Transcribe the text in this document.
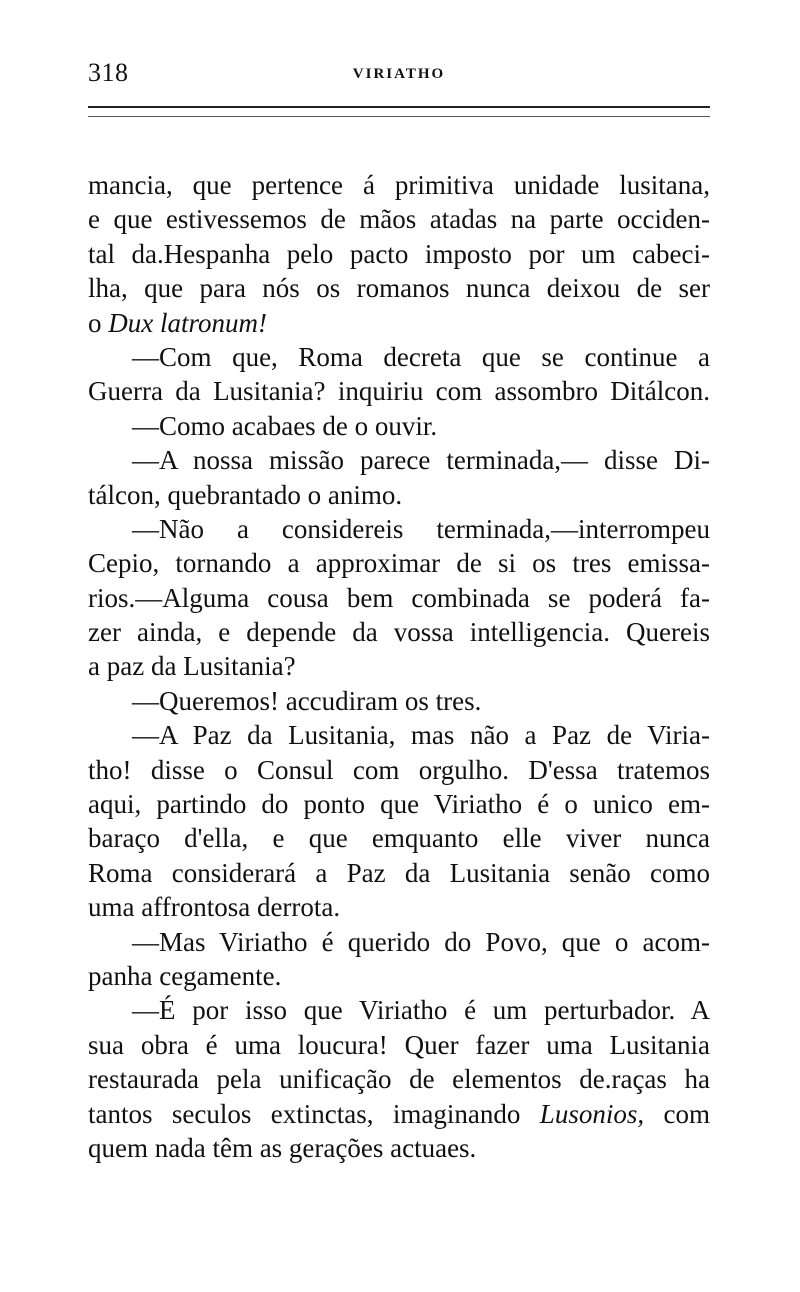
318	VIRIATHO
mancia, que pertence á primitiva unidade lusitana,
e que estivessemos de mãos atadas na parte occiden-
tal da.Hespanha pelo pacto imposto por um cabeci-
lha, que para nós os romanos nunca deixou de ser
o Dux latronum!
—Com que, Roma decreta que se continue a
Guerra da Lusitania? inquiriu com assombro Ditálcon.
—Como acabaes de o ouvir.
—A nossa missão parece terminada,— disse Di-
tálcon, quebrantado o animo.
—Não a considereis terminada,—interrompeu
Cepio, tornando a approximar de si os tres emissa-
rios.—Alguma cousa bem combinada se poderá fa-
zer ainda, e depende da vossa intelligencia. Quereis
a paz da Lusitania?
—Queremos! accudiram os tres.
—A Paz da Lusitania, mas não a Paz de Viria-
tho! disse o Consul com orgulho. D'essa tratemos
aqui, partindo do ponto que Viriatho é o unico em-
baraço d'ella, e que emquanto elle viver nunca
Roma considerará a Paz da Lusitania senão como
uma affrontosa derrota.
—Mas Viriatho é querido do Povo, que o acom-
panha cegamente.
—É por isso que Viriatho é um perturbador. A
sua obra é uma loucura! Quer fazer uma Lusitania
restaurada pela unificação de elementos de.raças ha
tantos seculos extinctas, imaginando Lusonios, com
quem nada têm as gerações actuaes.
